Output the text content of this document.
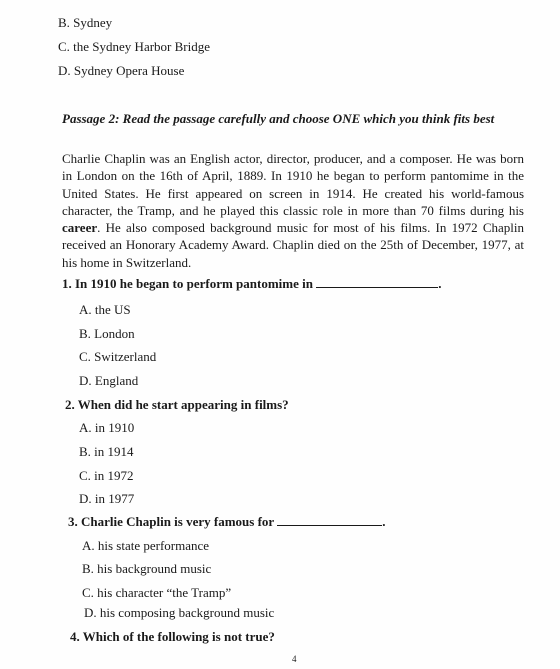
B. Sydney
C. the Sydney Harbor Bridge
D. Sydney Opera House
Passage 2: Read the passage carefully and choose ONE which you think fits best
Charlie Chaplin was an English actor, director, producer, and a composer. He was born in London on the 16th of April, 1889. In 1910 he began to perform pantomime in the United States. He first appeared on screen in 1914. He created his world-famous character, the Tramp, and he played this classic role in more than 70 films during his career. He also composed background music for most of his films. In 1972 Chaplin received an Honorary Academy Award. Chaplin died on the 25th of December, 1977, at his home in Switzerland.
1. In 1910 he began to perform pantomime in	.
A. the US
B. London
C. Switzerland
D. England
2. When did he start appearing in films?
A. in 1910
B. in 1914
C. in 1972
D. in 1977
3. Charlie Chaplin is very famous for	.
A. his state performance
B. his background music
C. his character “the Tramp”
D. his composing background music
4. Which of the following is not true?
4
